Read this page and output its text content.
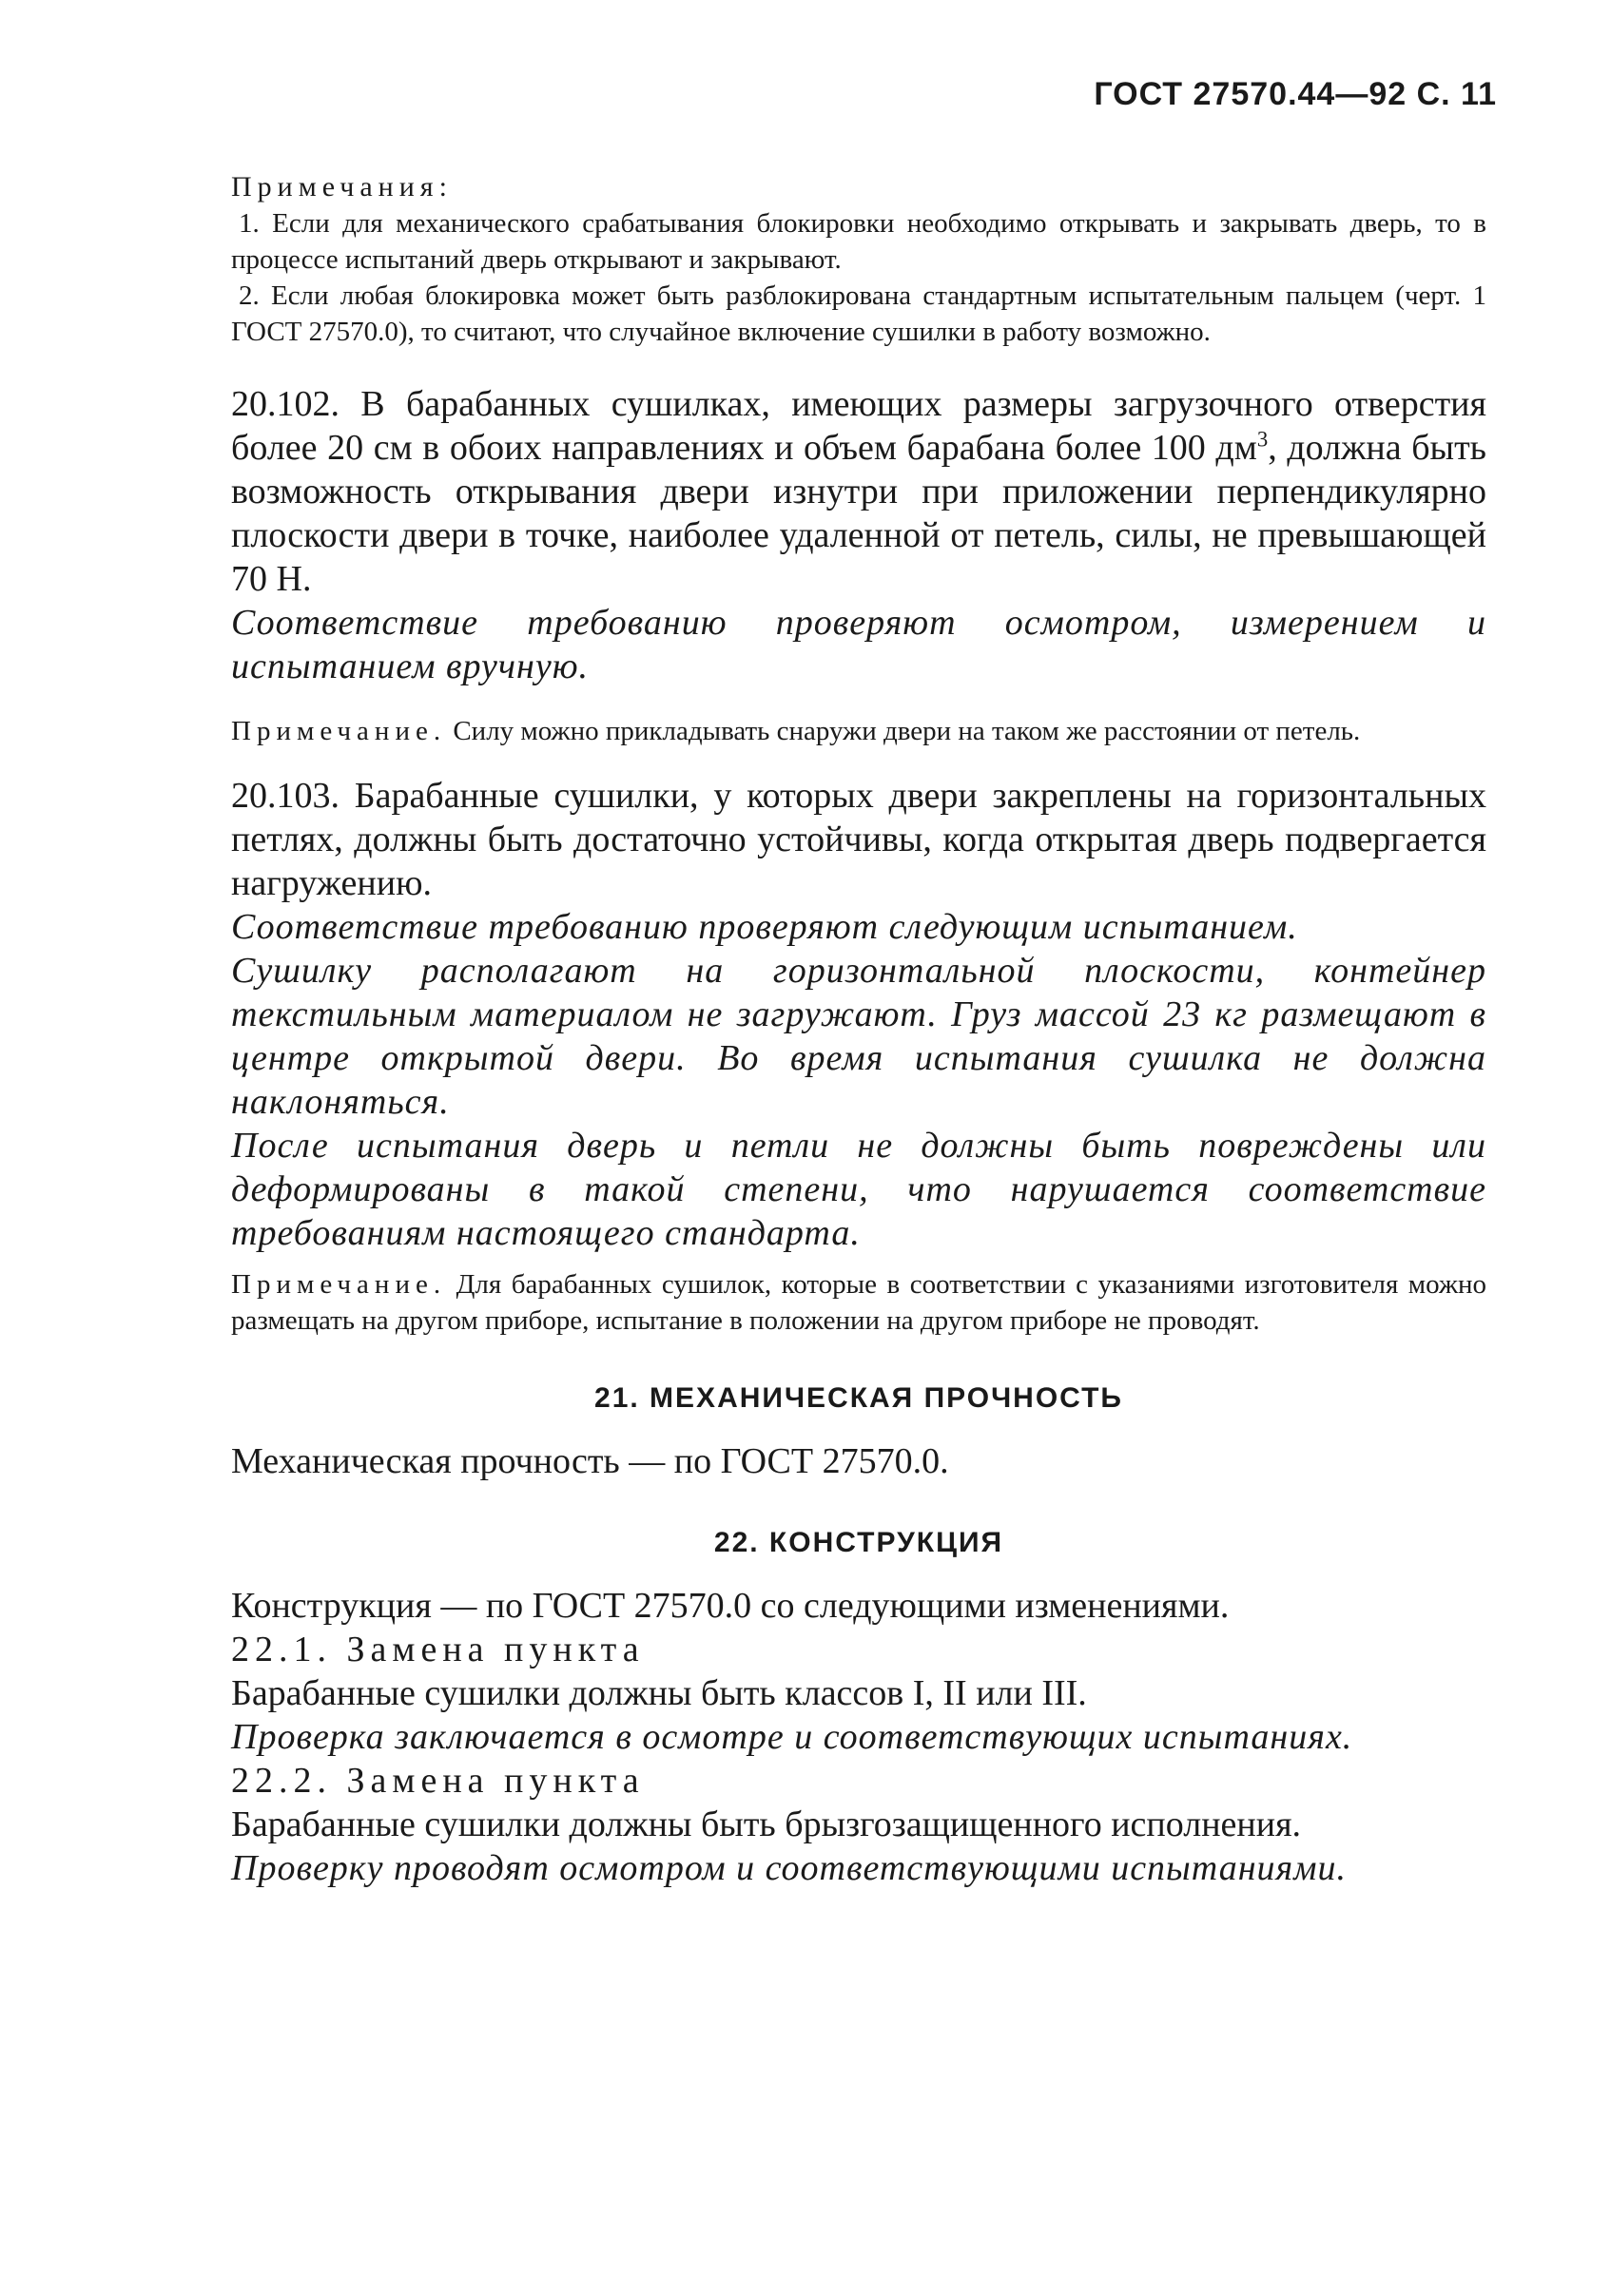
ГОСТ 27570.44—92 С. 11

Примечания:

1. Если для механического срабатывания блокировки необходимо открывать и закрывать дверь, то в процессе испытаний дверь открывают и закрывают.

2. Если любая блокировка может быть разблокирована стандартным испытательным пальцем (черт. 1 ГОСТ 27570.0), то считают, что случайное включение сушилки в работу возможно.

20.102. В барабанных сушилках, имеющих размеры загрузочного отверстия более 20 см в обоих направлениях и объем барабана более 100 $дм^3$, должна быть возможность открывания двери изнутри при приложении перпендикулярно плоскости двери в точке, наиболее удаленной от петель, силы, не превышающей 70 Н.

Соответствие требованию проверяют осмотром, измерением и испытанием вручную.

Примечание. Силу можно прикладывать снаружи двери на таком же расстоянии от петель.

20.103. Барабанные сушилки, у которых двери закреплены на горизонтальных петлях, должны быть достаточно устойчивы, когда открытая дверь подвергается нагружению.

Соответствие требованию проверяют следующим испытанием.

Сушилку располагают на горизонтальной плоскости, контейнер текстильным материалом не загружают. Груз массой 23 кг размещают в центре открытой двери. Во время испытания сушилка не должна наклоняться.

После испытания дверь и петли не должны быть повреждены или деформированы в такой степени, что нарушается соответствие требованиям настоящего стандарта.

Примечание. Для барабанных сушилок, которые в соответствии с указаниями изготовителя можно размещать на другом приборе, испытание в положении на другом приборе не проводят.

21. МЕХАНИЧЕСКАЯ ПРОЧНОСТЬ

Механическая прочность — по ГОСТ 27570.0.

22. КОНСТРУКЦИЯ

Конструкция — по ГОСТ 27570.0 со следующими изменениями.

22.1. Замена пункта

Барабанные сушилки должны быть классов I, II или III.

Проверка заключается в осмотре и соответствующих испытаниях.

22.2. Замена пункта

Барабанные сушилки должны быть брызгозащищенного исполнения.

Проверку проводят осмотром и соответствующими испытаниями.
